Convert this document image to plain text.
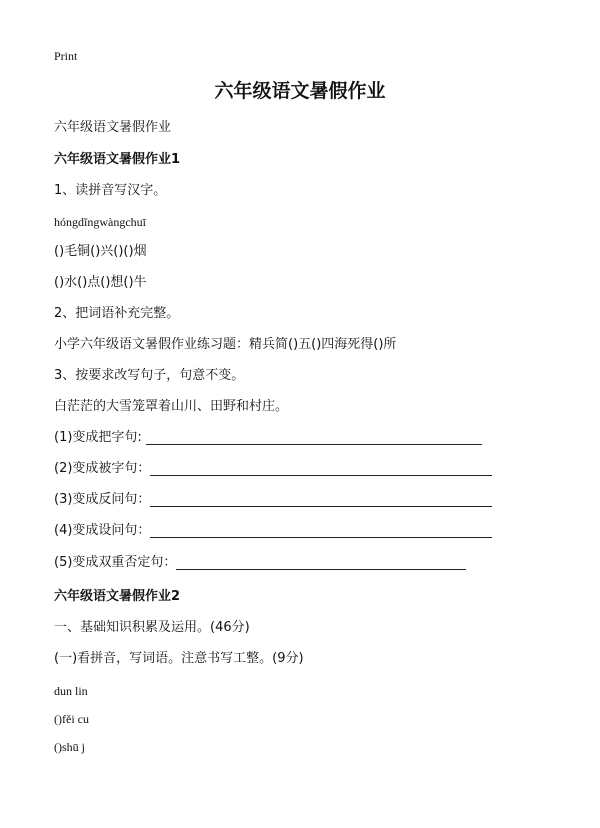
Print
六年级语文暑假作业
六年级语文暑假作业
六年级语文暑假作业1
1、读拼音写汉字。
hóngdǐngwàngchuī
()毛铜()兴()()烟
()水()点()想()牛
2、把词语补充完整。
小学六年级语文暑假作业练习题：精兵简()五()四海死得()所
3、按要求改写句子，句意不变。
白茫茫的大雪笼罩着山川、田野和村庄。
(1)变成把字句:
(2)变成被字句：
(3)变成反问句：
(4)变成设问句：
(5)变成双重否定句：
六年级语文暑假作业2
一、基础知识积累及运用。(46分)
(一)看拼音，写词语。注意书写工整。(9分)
dun lin
()fěi cu
()shū j
